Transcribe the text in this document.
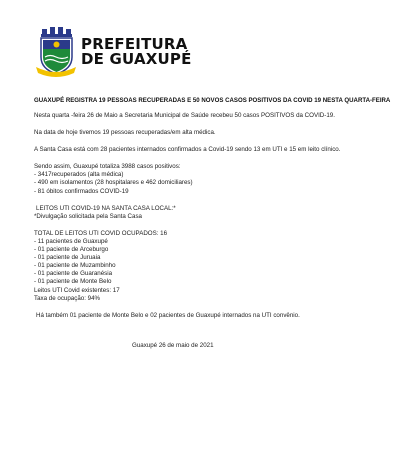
PREFEITURA
DE GUAXUPÉ

GUAXUPÉ REGISTRA 19 PESSOAS RECUPERADAS E 50 NOVOS CASOS POSITIVOS DA COVID 19 NESTA QUARTA-FEIRA

Nesta quarta -feira 26 de Maio a Secretaria Municipal de Saúde recebeu 50 casos POSITIVOS da COVID-19.

Na data de hoje tivemos 19 pessoas recuperadas/em alta médica.

A Santa Casa está com 28 pacientes internados confirmados a Covid-19 sendo 13 em UTI e 15 em leito clínico.

Sendo assim, Guaxupé totaliza 3988 casos positivos:

- 3417recuperados (alta médica)

- 490 em isolamentos (28 hospitalares e 462 domiciliares)

- 81 óbitos confirmados COVID-19

LEITOS UTI COVID-19 NA SANTA CASA LOCAL:*

*Divulgação solicitada pela Santa Casa

TOTAL DE LEITOS UTI COVID OCUPADOS: 16

- 11 pacientes de Guaxupé

- 01 paciente de Arceburgo

- 01 paciente de Juruaia

- 01 paciente de Muzambinho

- 01 paciente de Guaranésia

- 01 paciente de Monte Belo

Leitos UTI Covid existentes: 17

Taxa de ocupação: 94%

Há também 01 paciente de Monte Belo e 02 pacientes de Guaxupé internados na UTI convênio.

Guaxupé 26 de maio de 2021
